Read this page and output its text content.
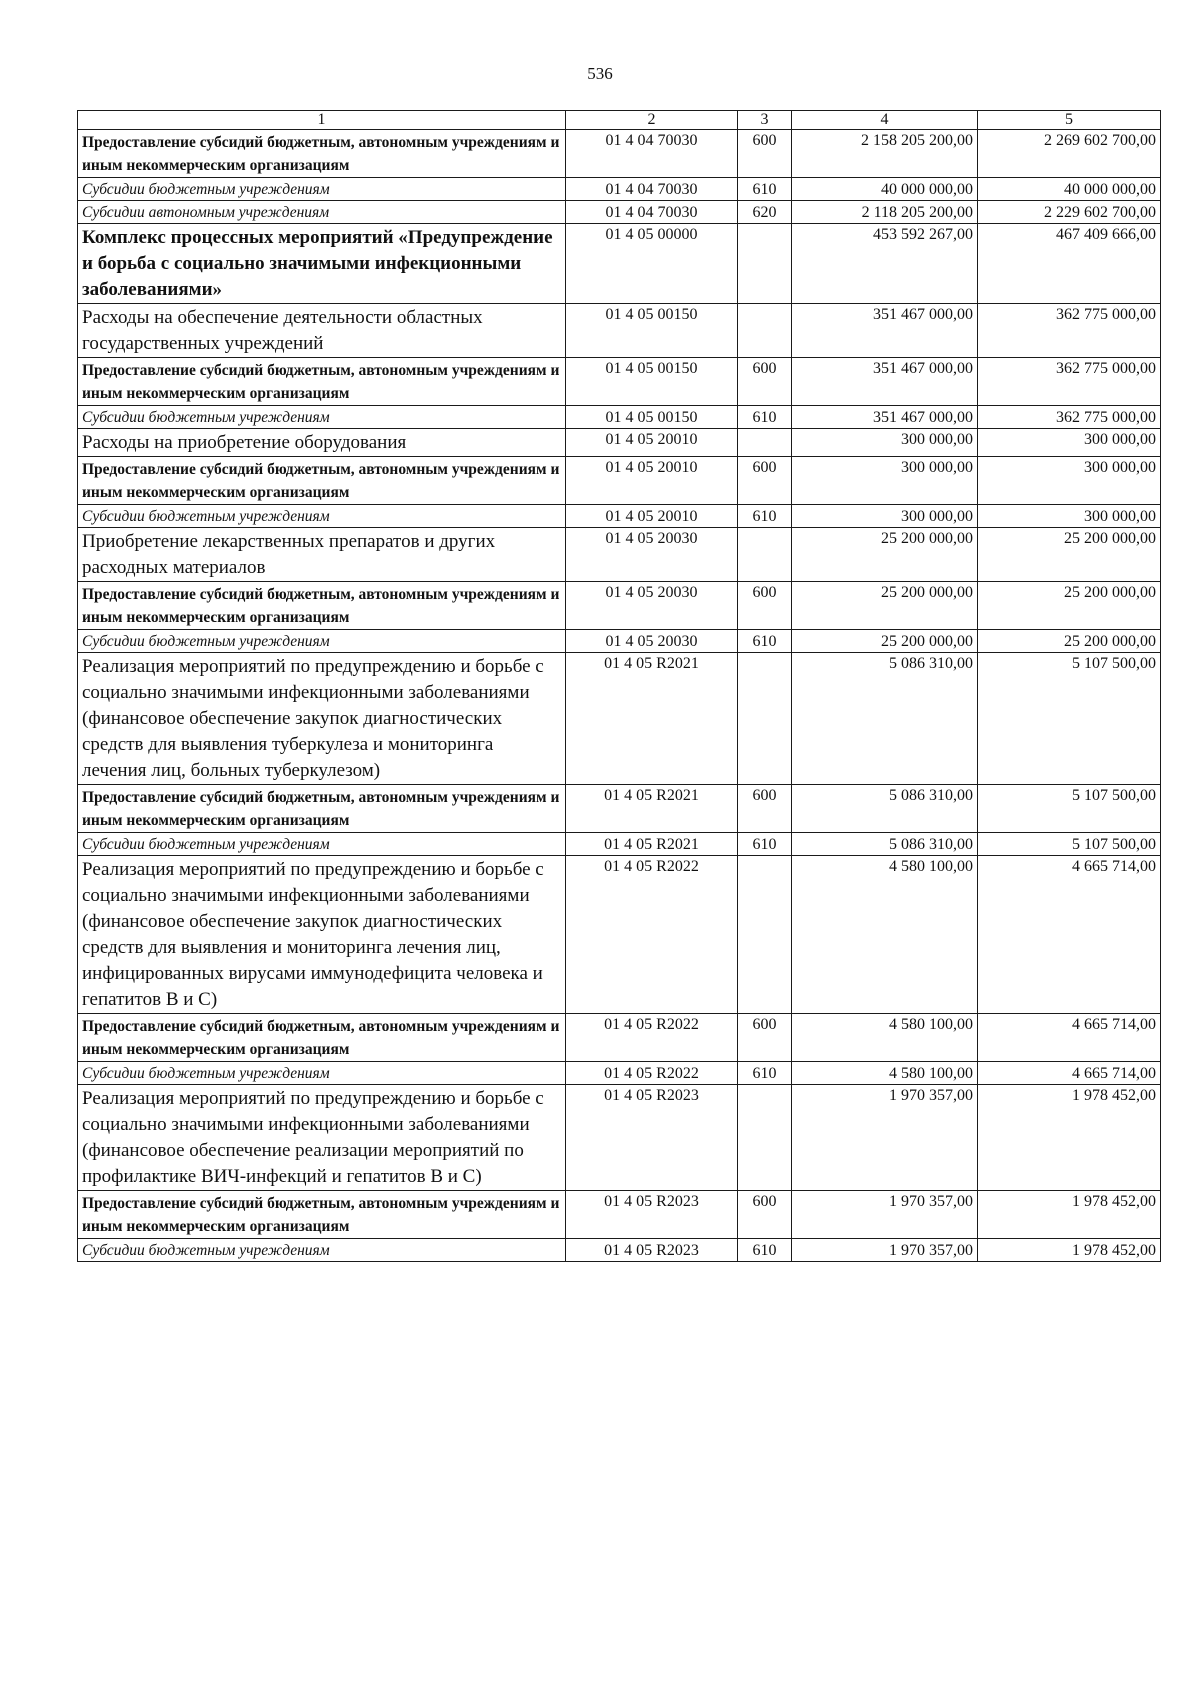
536
1	2	3	4	5
Предоставление субсидий бюджетным, автономным учреждениям и иным некоммерческим организациям	01 4 04 70030	600	2 158 205 200,00	2 269 602 700,00
Субсидии бюджетным учреждениям	01 4 04 70030	610	40 000 000,00	40 000 000,00
Субсидии автономным учреждениям	01 4 04 70030	620	2 118 205 200,00	2 229 602 700,00
Комплекс процессных мероприятий «Предупреждение и борьба с социально значимыми инфекционными заболеваниями»	01 4 05 00000		453 592 267,00	467 409 666,00
Расходы на обеспечение деятельности областных государственных учреждений	01 4 05 00150		351 467 000,00	362 775 000,00
Предоставление субсидий бюджетным, автономным учреждениям и иным некоммерческим организациям	01 4 05 00150	600	351 467 000,00	362 775 000,00
Субсидии бюджетным учреждениям	01 4 05 00150	610	351 467 000,00	362 775 000,00
Расходы на приобретение оборудования	01 4 05 20010		300 000,00	300 000,00
Предоставление субсидий бюджетным, автономным учреждениям и иным некоммерческим организациям	01 4 05 20010	600	300 000,00	300 000,00
Субсидии бюджетным учреждениям	01 4 05 20010	610	300 000,00	300 000,00
Приобретение лекарственных препаратов и других расходных материалов	01 4 05 20030		25 200 000,00	25 200 000,00
Предоставление субсидий бюджетным, автономным учреждениям и иным некоммерческим организациям	01 4 05 20030	600	25 200 000,00	25 200 000,00
Субсидии бюджетным учреждениям	01 4 05 20030	610	25 200 000,00	25 200 000,00
Реализация мероприятий по предупреждению и борьбе с социально значимыми инфекционными заболеваниями (финансовое обеспечение закупок диагностических средств для выявления туберкулеза и мониторинга лечения лиц, больных туберкулезом)	01 4 05 R2021		5 086 310,00	5 107 500,00
Предоставление субсидий бюджетным, автономным учреждениям и иным некоммерческим организациям	01 4 05 R2021	600	5 086 310,00	5 107 500,00
Субсидии бюджетным учреждениям	01 4 05 R2021	610	5 086 310,00	5 107 500,00
Реализация мероприятий по предупреждению и борьбе с социально значимыми инфекционными заболеваниями (финансовое обеспечение закупок диагностических средств для выявления и мониторинга лечения лиц, инфицированных вирусами иммунодефицита человека и гепатитов B и C)	01 4 05 R2022		4 580 100,00	4 665 714,00
Предоставление субсидий бюджетным, автономным учреждениям и иным некоммерческим организациям	01 4 05 R2022	600	4 580 100,00	4 665 714,00
Субсидии бюджетным учреждениям	01 4 05 R2022	610	4 580 100,00	4 665 714,00
Реализация мероприятий по предупреждению и борьбе с социально значимыми инфекционными заболеваниями (финансовое обеспечение реализации мероприятий по профилактике ВИЧ-инфекций и гепатитов B и C)	01 4 05 R2023		1 970 357,00	1 978 452,00
Предоставление субсидий бюджетным, автономным учреждениям и иным некоммерческим организациям	01 4 05 R2023	600	1 970 357,00	1 978 452,00
Субсидии бюджетным учреждениям	01 4 05 R2023	610	1 970 357,00	1 978 452,00
